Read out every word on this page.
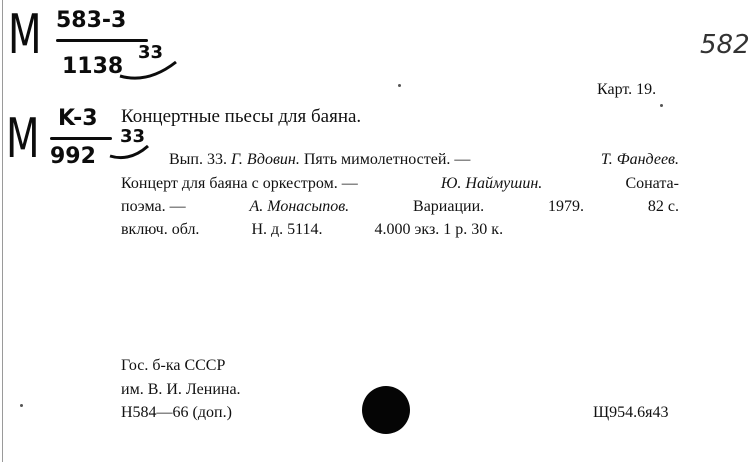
M 583-3
1138
33	582
M K-3
992
33
Карт. 19.
Концертные пьесы для баяна.
Вып. 33. Г. Вдовин. Пять мимолетностей. —	Т. Фандеев.
Концерт для баяна с оркестром. —	Ю. Наймушин.	Соната-
поэма. —	А. Монасыпов.	Вариации.	1979.	82 с.
включ. обл.	Н. д. 5114.	4.000 экз. 1 р. 30 к.
Гос. б-ка СССР
им. В. И. Ленина.
Н584—66 (доп.)	Щ954.6я43
